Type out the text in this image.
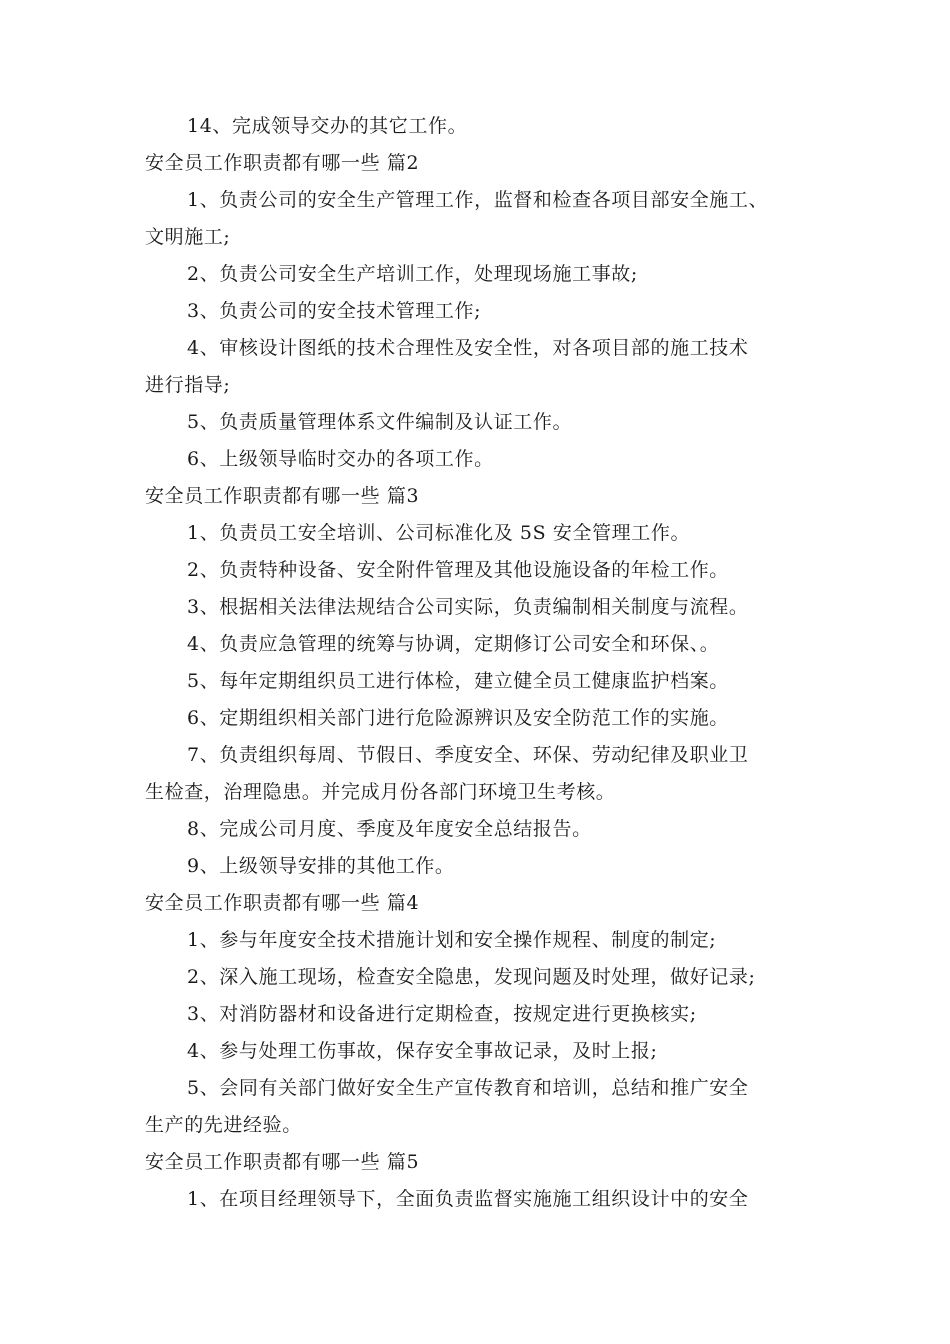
14、完成领导交办的其它工作。
安全员工作职责都有哪一些 篇2
1、负责公司的安全生产管理工作，监督和检查各项目部安全施工、
文明施工;
2、负责公司安全生产培训工作，处理现场施工事故;
3、负责公司的安全技术管理工作;
4、审核设计图纸的技术合理性及安全性，对各项目部的施工技术
进行指导;
5、负责质量管理体系文件编制及认证工作。
6、上级领导临时交办的各项工作。
安全员工作职责都有哪一些 篇3
1、负责员工安全培训、公司标准化及 5S 安全管理工作。
2、负责特种设备、安全附件管理及其他设施设备的年检工作。
3、根据相关法律法规结合公司实际，负责编制相关制度与流程。
4、负责应急管理的统筹与协调，定期修订公司安全和环保、。
5、每年定期组织员工进行体检，建立健全员工健康监护档案。
6、定期组织相关部门进行危险源辨识及安全防范工作的实施。
7、负责组织每周、节假日、季度安全、环保、劳动纪律及职业卫
生检查，治理隐患。并完成月份各部门环境卫生考核。
8、完成公司月度、季度及年度安全总结报告。
9、上级领导安排的其他工作。
安全员工作职责都有哪一些 篇4
1、参与年度安全技术措施计划和安全操作规程、制度的制定;
2、深入施工现场，检查安全隐患，发现问题及时处理，做好记录;
3、对消防器材和设备进行定期检查，按规定进行更换核实;
4、参与处理工伤事故，保存安全事故记录，及时上报;
5、会同有关部门做好安全生产宣传教育和培训，总结和推广安全
生产的先进经验。
安全员工作职责都有哪一些 篇5
1、在项目经理领导下，全面负责监督实施施工组织设计中的安全
